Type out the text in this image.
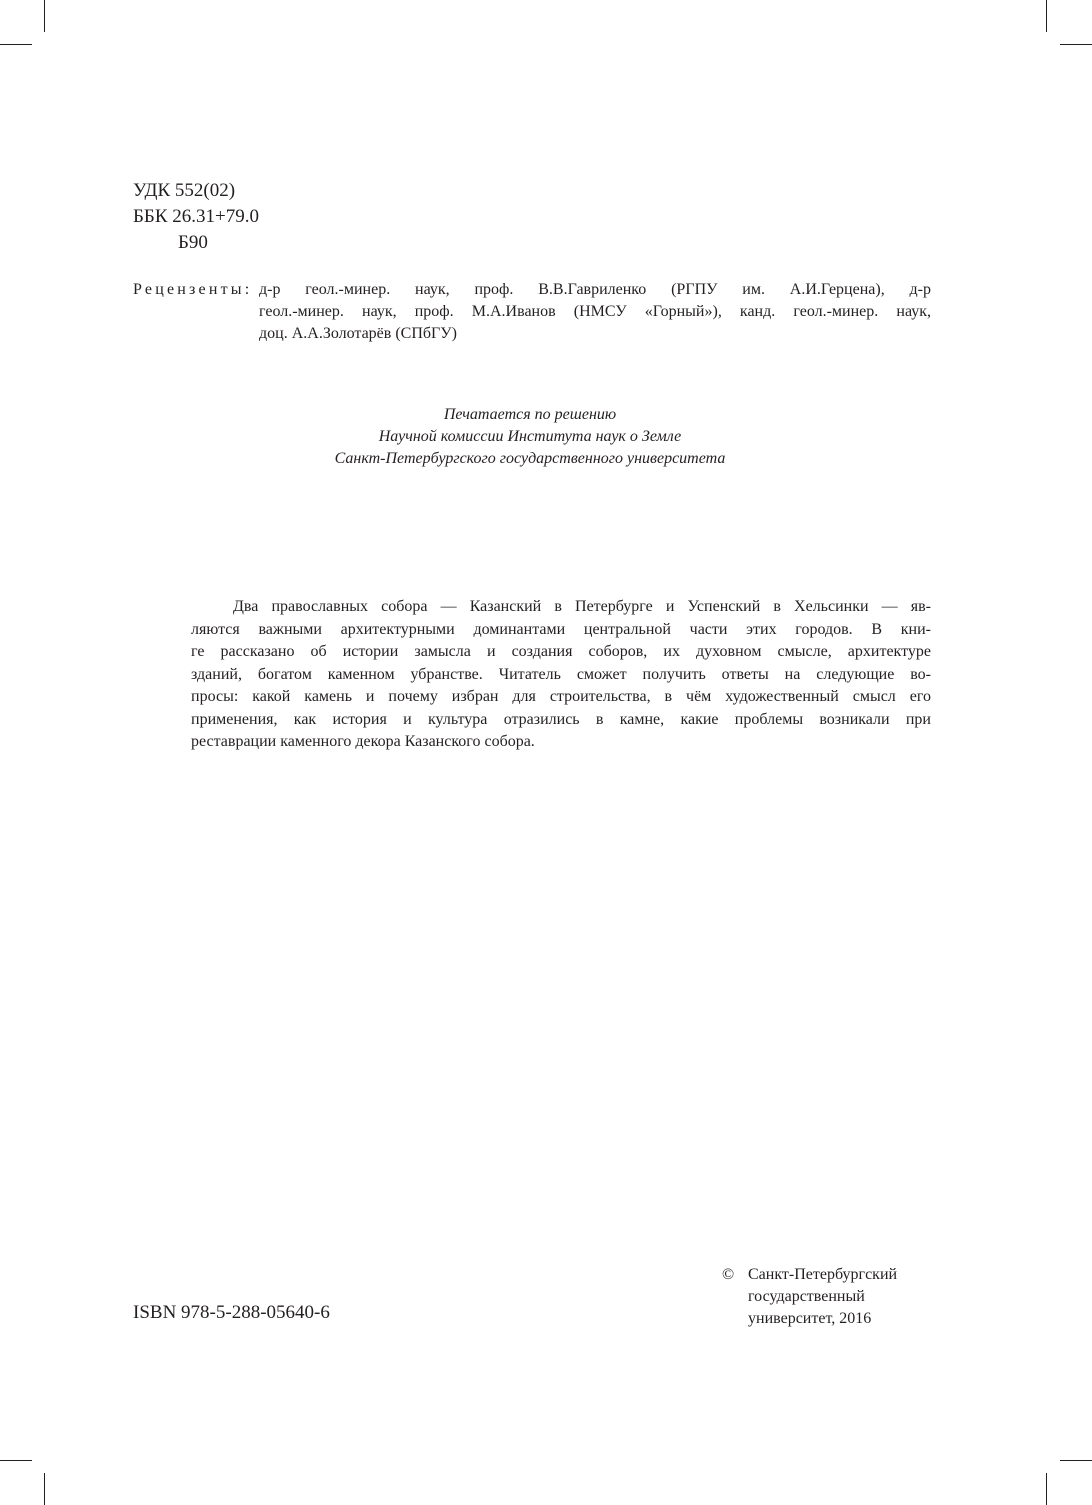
УДК 552(02)
ББК 26.31+79.0
Б90
Рецензенты: д-р геол.-минер. наук, проф. В.В.Гавриленко (РГПУ им. А.И.Герцена), д-р
геол.-минер. наук, проф. М.А.Иванов (НМСУ «Горный»), канд. геол.-минер. наук,
доц. А.А.Золотарёв (СПбГУ)
Печатается по решению
Научной комиссии Института наук о Земле
Санкт-Петербургского государственного университета
Два православных собора — Казанский в Петербурге и Успенский в Хельсинки — яв-
ляются важными архитектурными доминантами центральной части этих городов. В кни-
ге рассказано об истории замысла и создания соборов, их духовном смысле, архитектуре
зданий, богатом каменном убранстве. Читатель сможет получить ответы на следующие во-
просы: какой камень и почему избран для строительства, в чём художественный смысл его
применения, как история и культура отразились в камне, какие проблемы возникали при
реставрации каменного декора Казанского собора.
ISBN 978-5-288-05640-6
© Санкт-Петербургский
государственный
университет, 2016
